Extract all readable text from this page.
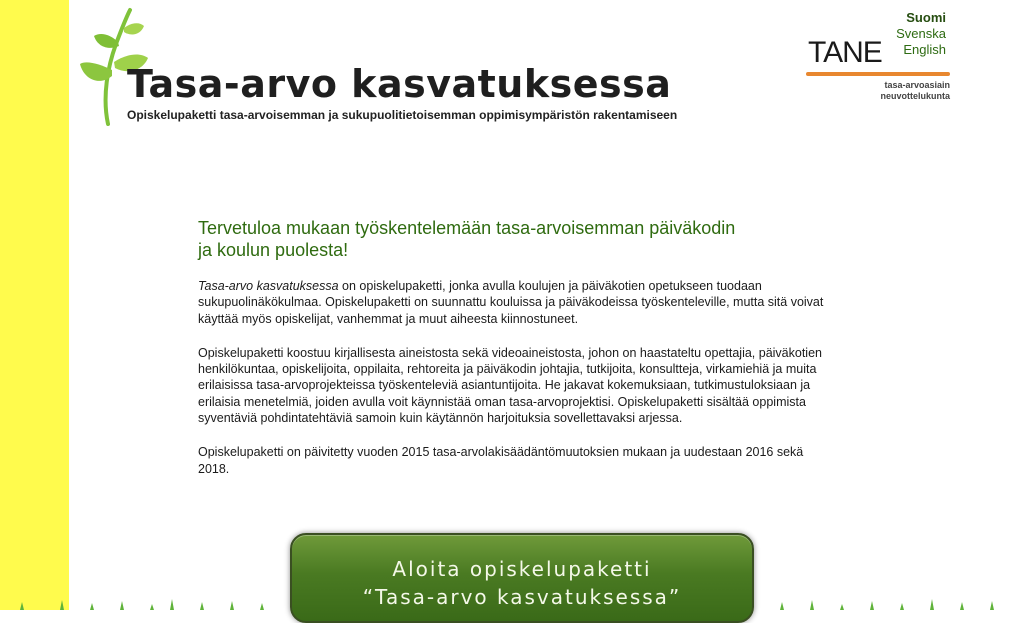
Tasa-arvo kasvatuksessa
Opiskelupaketti tasa-arvoisemman ja sukupuolitietoisemman oppimisympäristön rakentamiseen
TANE
tasa-arvoasiain
neuvottelukunta
Suomi
Svenska
English
Tervetuloa mukaan työskentelemään tasa-arvoisemman päiväkodin
ja koulun puolesta!

Tasa-arvo kasvatuksessa on opiskelupaketti, jonka avulla koulujen ja päiväkotien opetukseen tuodaan sukupuolinäkökulmaa. Opiskelupaketti on suunnattu kouluissa ja päiväkodeissa työskenteleville, mutta sitä voivat käyttää myös opiskelijat, vanhemmat ja muut aiheesta kiinnostuneet.

Opiskelupaketti koostuu kirjallisesta aineistosta sekä videoaineistosta, johon on haastateltu opettajia, päiväkotien henkilökuntaa, opiskelijoita, oppilaita, rehtoreita ja päiväkodin johtajia, tutkijoita, konsultteja, virkamiehiä ja muita erilaisissa tasa-arvoprojekteissa työskenteleviä asiantuntijoita. He jakavat kokemuksiaan, tutkimustuloksiaan ja erilaisia menetelmiä, joiden avulla voit käynnistää oman tasa-arvoprojektisi. Opiskelupaketti sisältää oppimista syventäviä pohdintatehtäviä samoin kuin käytännön harjoituksia sovellettavaksi arjessa.

Opiskelupaketti on päivitetty vuoden 2015 tasa-arvolakisäädäntömuutoksien mukaan ja uudestaan 2016 sekä 2018.

Aloita opiskelupaketti
“Tasa-arvo kasvatuksessa”
